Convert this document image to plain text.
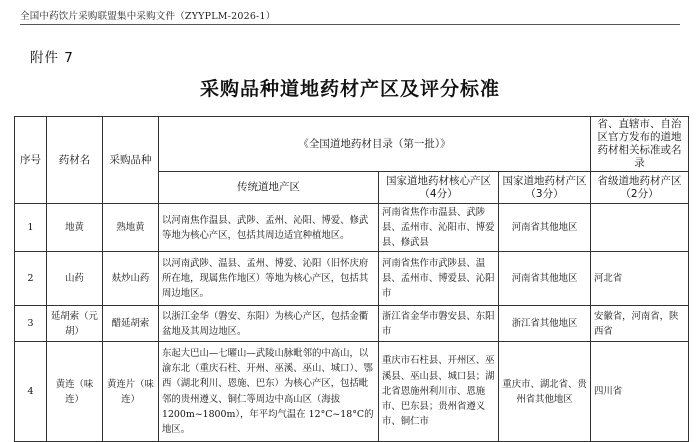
全国中药饮片采购联盟集中采购文件（ZYYPLM-2026-1）
附件 7
采购品种道地药材产区及评分标准
序号	药材名	采购品种	《全国道地药材目录（第一批）》			省、直辖市、自治区官方发布的道地药材相关标准或名录
			传统道地产区	国家道地药材核心产区（4分）	国家道地药材产区（3分）	省级道地药材产区（2分）
1	地黄	熟地黄	以河南焦作温县、武陟、孟州、沁阳、博爱、修武等地为核心产区，包括其周边适宜种植地区。	河南省焦作市温县、武陟县、孟州市、沁阳市、博爱县、修武县	河南省其他地区	
2	山药	麸炒山药	以河南武陟、温县、孟州、博爱、沁阳（旧怀庆府所在地，现属焦作地区）等地为核心产区，包括其周边地区。	河南省焦作市武陟县、温县、孟州市、博爱县、沁阳市	河南省其他地区	河北省
3	延胡索（元胡）	醋延胡索	以浙江金华（磐安、东阳）为核心产区，包括金衢盆地及其周边地区。	浙江省金华市磐安县、东阳市	浙江省其他地区	安徽省，河南省，陕西省
4	黄连（味连）	黄连片（味连）	东起大巴山—七曜山—武陵山脉毗邻的中高山，以渝东北（重庆石柱、开州、巫溪、巫山、城口）、鄂西（湖北利川、恩施、巴东）为核心产区，包括毗邻的贵州遵义、铜仁等周边中高山区（海拔 1200m~1800m），年平均气温在 12°C~18°C的地区。	重庆市石柱县、开州区、巫溪县、巫山县、城口县；湖北省恩施州利川市、恩施市、巴东县；贵州省遵义市、铜仁市	重庆市、湖北省、贵州省其他地区	四川省
